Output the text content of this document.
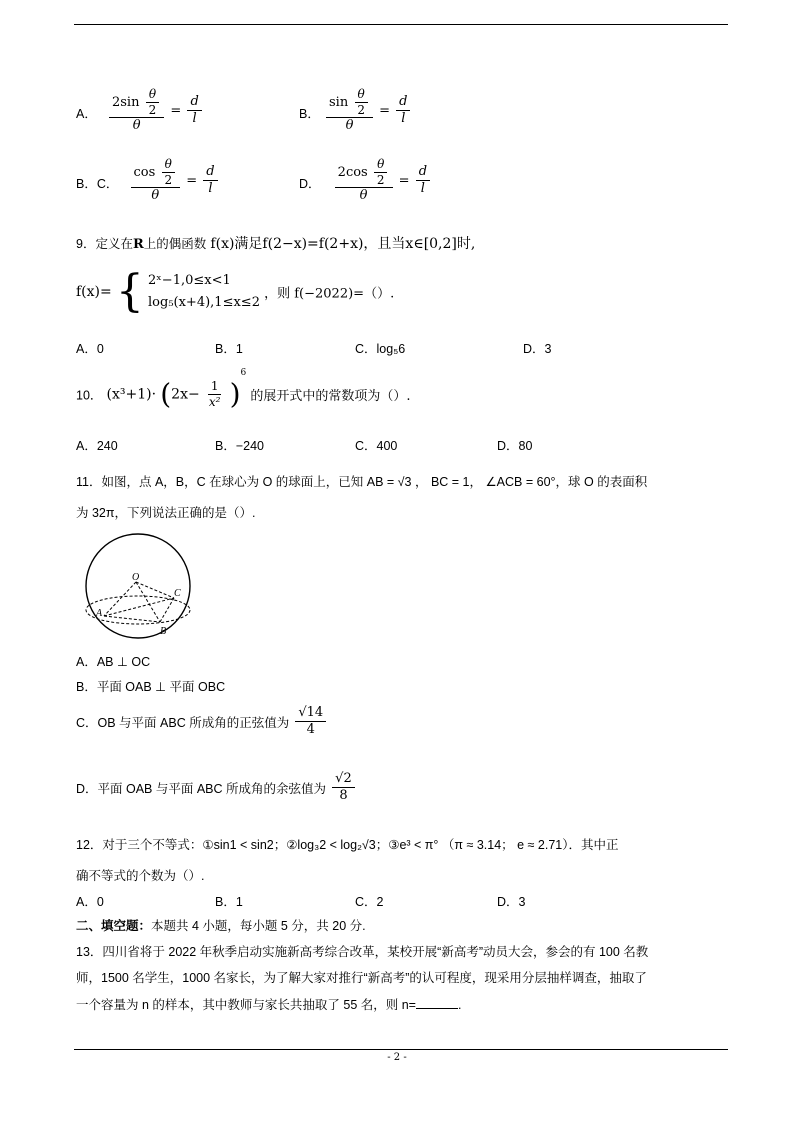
A． $\frac{2\sin \frac{\theta}{2}}{\theta} = \frac{d}{l}$	B． $\frac{\sin \frac{\theta}{2}}{\theta} = \frac{d}{l}$
B．C． $\frac{\cos \frac{\theta}{2}}{\theta} = \frac{d}{l}$	D． $\frac{2\cos \frac{\theta}{2}}{\theta} = \frac{d}{l}$
9．定义在R上的偶函数 f(x)满足f(2−x)=f(2+x)，且当x∈[0,2]时,
f(x)= { 2ˣ−1,0≤x<1
log₅(x+4),1≤x≤2
，则 f(−2022)=（）.
A．0	B．1	C．log₅6	D．3
10． $(x^3+1)\cdot (2x- \frac{1}{\text{x²}} )^6$ 的展开式中的常数项为（）.
A．240	B．−240	C．400	D．80
11．如图，点 A，B，C 在球心为 O 的球面上，已知 AB = √3 ， BC = 1， ∠ACB = 60°，球 O 的表面积
为 32π，下列说法正确的是（）.
O
A
B
C
A．AB ⊥ OC
B．平面 OAB ⊥ 平面 OBC
C．OB 与平面 ABC 所成角的正弦值为 $\frac{√14}{4}$
D．平面 OAB 与平面 ABC 所成角的余弦值为 $\frac{√2}{8}$
12．对于三个不等式：①sin1 < sin2；②log₃2 < log₂√3；③e³ < π° （π ≈ 3.14； e ≈ 2.71）．其中正
确不等式的个数为（）.
A．0	B．1	C．2	D．3
二、填空题：本题共 4 小题，每小题 5 分，共 20 分.
13．四川省将于 2022 年秋季启动实施新高考综合改革，某校开展“新高考”动员大会，参会的有 100 名教
师，1500 名学生，1000 名家长，为了解大家对推行“新高考”的认可程度，现采用分层抽样调查，抽取了
一个容量为 n 的样本，其中教师与家长共抽取了 55 名，则 n=	.
- 2 -
